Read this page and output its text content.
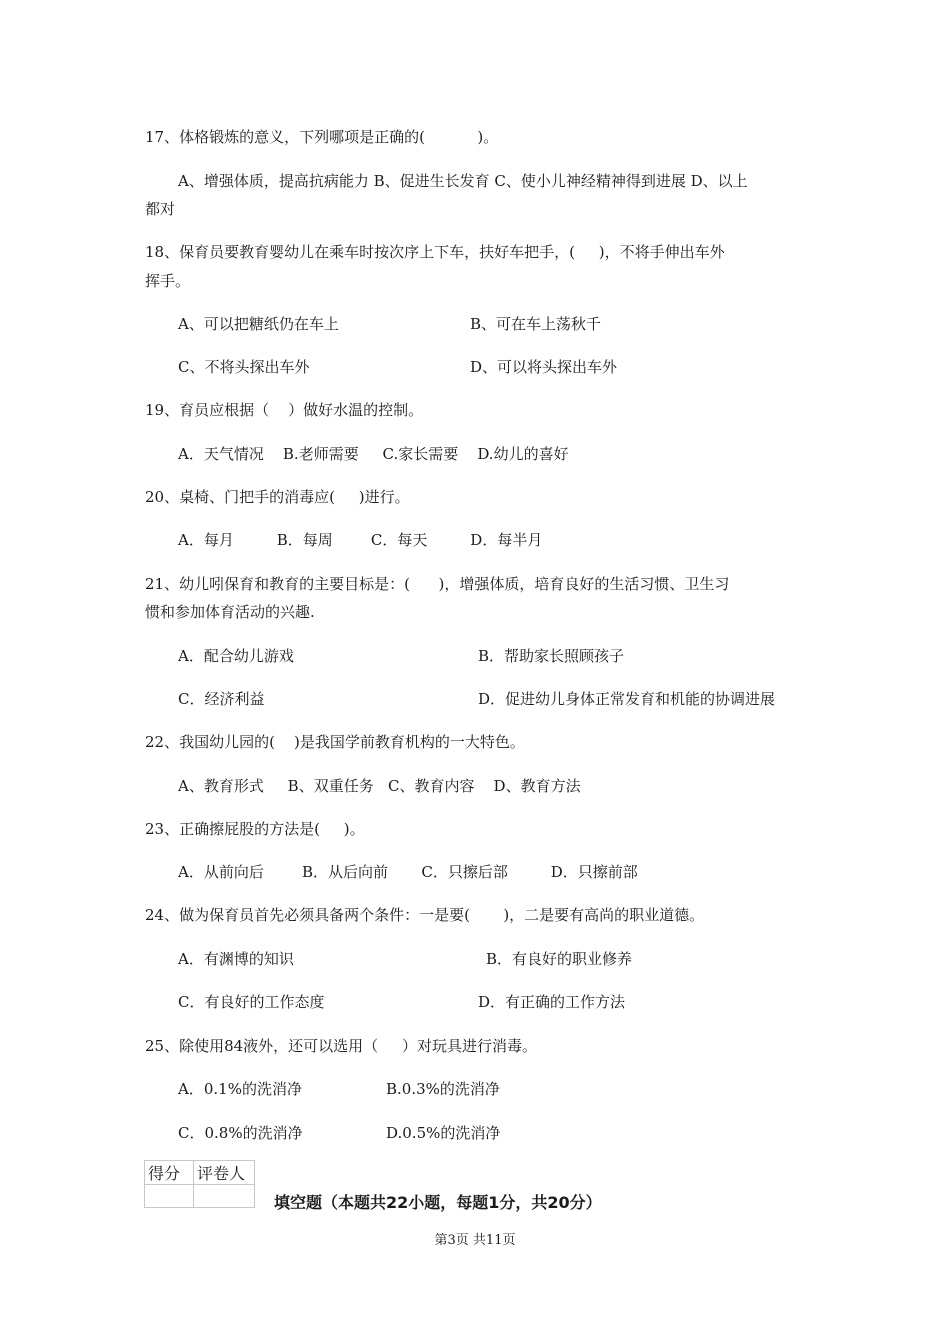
17、体格锻炼的意义，下列哪项是正确的(           )。
A、增强体质，提高抗病能力 B、促进生长发育 C、使小儿神经精神得到进展 D、以上
都对
18、保育员要教育婴幼儿在乘车时按次序上下车，扶好车把手，(     )，不将手伸出车外
挥手。
A、可以把糖纸仍在车上	B、可在车上荡秋千
C、不将头探出车外	D、可以将头探出车外
19、育员应根据（    ）做好水温的控制。
A．天气情况    B.老师需要     C.家长需要    D.幼儿的喜好
20、桌椅、门把手的消毒应(     )进行。
A．每月         B．每周        C．每天         D．每半月
21、幼儿吲保育和教育的主要目标是：(      )，增强体质，培育良好的生活习惯、卫生习
惯和参加体育活动的兴趣.
A．配合幼儿游戏	B．帮助家长照顾孩子
C．经济利益	D．促进幼儿身体正常发育和机能的协调进展
22、我国幼儿园的(    )是我国学前教育机构的一大特色。
A、教育形式     B、双重任务   C、教育内容    D、教育方法
23、正确擦屁股的方法是(     )。
A．从前向后        B．从后向前       C．只擦后部         D．只擦前部
24、做为保育员首先必须具备两个条件：一是要(       )，二是要有高尚的职业道德。
A．有渊博的知识	B．有良好的职业修养
C．有良好的工作态度	D．有正确的工作方法
25、除使用84液外，还可以选用（     ）对玩具进行消毒。
A．0.1%的洗消净	B.0.3%的洗消净
C．0.8%的洗消净	D.0.5%的洗消净
得分	评卷人

填空题（本题共22小题，每题1分，共20分）
第3页 共11页
